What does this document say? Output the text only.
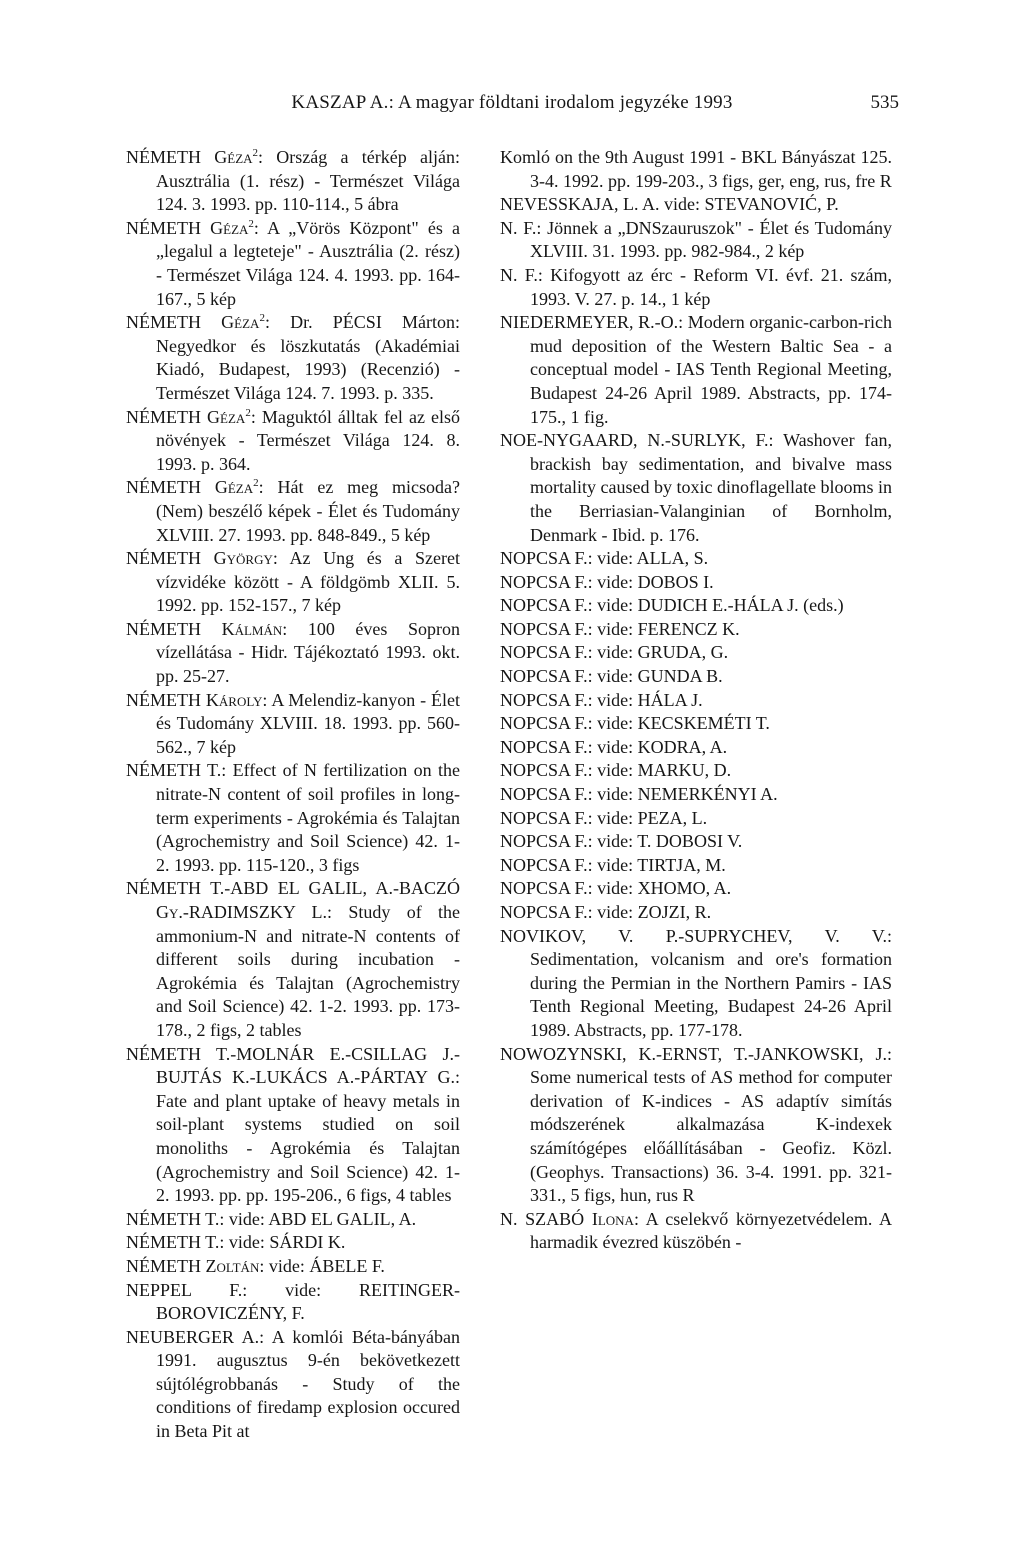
KASZAP A.: A magyar földtani irodalom jegyzéke 1993	535

NÉMETH Géza$^2$: Ország a térkép alján: Ausztrália (1. rész) - Természet Világa 124. 3. 1993. pp. 110-114., 5 ábra

NÉMETH Géza$^2$: A „Vörös Központ" és a „legalul a legteteje" - Ausztrália (2. rész) - Természet Világa 124. 4. 1993. pp. 164-167., 5 kép

NÉMETH Géza$^2$: Dr. PÉCSI Márton: Negyedkor és löszkutatás (Akadémiai Kiadó, Budapest, 1993) (Recenzió) - Természet Világa 124. 7. 1993. p. 335.

NÉMETH Géza$^2$: Maguktól álltak fel az első növények - Természet Világa 124. 8. 1993. p. 364.

NÉMETH Géza$^2$: Hát ez meg micsoda? (Nem) beszélő képek - Élet és Tudomány XLVIII. 27. 1993. pp. 848-849., 5 kép

NÉMETH György: Az Ung és a Szeret vízvidéke között - A földgömb XLII. 5. 1992. pp. 152-157., 7 kép

NÉMETH Kálmán: 100 éves Sopron vízellátása - Hidr. Tájékoztató 1993. okt. pp. 25-27.

NÉMETH Károly: A Melendiz-kanyon - Élet és Tudomány XLVIII. 18. 1993. pp. 560-562., 7 kép

NÉMETH T.: Effect of N fertilization on the nitrate-N content of soil profiles in long-term experiments - Agrokémia és Talajtan (Agrochemistry and Soil Science) 42. 1-2. 1993. pp. 115-120., 3 figs

NÉMETH T.-ABD EL GALIL, A.-BACZÓ Gy.-RADIMSZKY L.: Study of the ammonium-N and nitrate-N contents of different soils during incubation - Agrokémia és Talajtan (Agrochemistry and Soil Science) 42. 1-2. 1993. pp. 173-178., 2 figs, 2 tables

NÉMETH T.-MOLNÁR E.-CSILLAG J.-BUJTÁS K.-LUKÁCS A.-PÁRTAY G.: Fate and plant uptake of heavy metals in soil-plant systems studied on soil monoliths - Agrokémia és Talajtan (Agrochemistry and Soil Science) 42. 1-2. 1993. pp. pp. 195-206., 6 figs, 4 tables

NÉMETH T.: vide: ABD EL GALIL, A.

NÉMETH T.: vide: SÁRDI K.

NÉMETH Zoltán: vide: ÁBELE F.

NEPPEL F.: vide: REITINGER-BOROVICZÉNY, F.

NEUBERGER A.: A komlói Béta-bányában 1991. augusztus 9-én bekövetkezett sújtólégrobbanás - Study of the conditions of firedamp explosion occured in Beta Pit at

Komló on the 9th August 1991 - BKL Bányászat 125. 3-4. 1992. pp. 199-203., 3 figs, ger, eng, rus, fre R

NEVESSKAJA, L. A. vide: STEVANOVIĆ, P.

N. F.: Jönnek a „DNSzauruszok" - Élet és Tudomány XLVIII. 31. 1993. pp. 982-984., 2 kép

N. F.: Kifogyott az érc - Reform VI. évf. 21. szám, 1993. V. 27. p. 14., 1 kép

NIEDERMEYER, R.-O.: Modern organic-carbon-rich mud deposition of the Western Baltic Sea - a conceptual model - IAS Tenth Regional Meeting, Budapest 24-26 April 1989. Abstracts, pp. 174-175., 1 fig.

NOE-NYGAARD, N.-SURLYK, F.: Washover fan, brackish bay sedimentation, and bivalve mass mortality caused by toxic dinoflagellate blooms in the Berriasian-Valanginian of Bornholm, Denmark - Ibid. p. 176.

NOPCSA F.: vide: ALLA, S.

NOPCSA F.: vide: DOBOS I.

NOPCSA F.: vide: DUDICH E.-HÁLA J. (eds.)

NOPCSA F.: vide: FERENCZ K.

NOPCSA F.: vide: GRUDA, G.

NOPCSA F.: vide: GUNDA B.

NOPCSA F.: vide: HÁLA J.

NOPCSA F.: vide: KECSKEMÉTI T.

NOPCSA F.: vide: KODRA, A.

NOPCSA F.: vide: MARKU, D.

NOPCSA F.: vide: NEMERKÉNYI A.

NOPCSA F.: vide: PEZA, L.

NOPCSA F.: vide: T. DOBOSI V.

NOPCSA F.: vide: TIRTJA, M.

NOPCSA F.: vide: XHOMO, A.

NOPCSA F.: vide: ZOJZI, R.

NOVIKOV, V. P.-SUPRYCHEV, V. V.: Sedimentation, volcanism and ore's formation during the Permian in the Northern Pamirs - IAS Tenth Regional Meeting, Budapest 24-26 April 1989. Abstracts, pp. 177-178.

NOWOZYNSKI, K.-ERNST, T.-JANKOWSKI, J.: Some numerical tests of AS method for computer derivation of K-indices - AS adaptív simítás módszerének alkalmazása K-indexek számítógépes előállításában - Geofiz. Közl. (Geophys. Transactions) 36. 3-4. 1991. pp. 321-331., 5 figs, hun, rus R

N. SZABÓ Ilona: A cselekvő környezetvédelem. A harmadik évezred küszöbén -
